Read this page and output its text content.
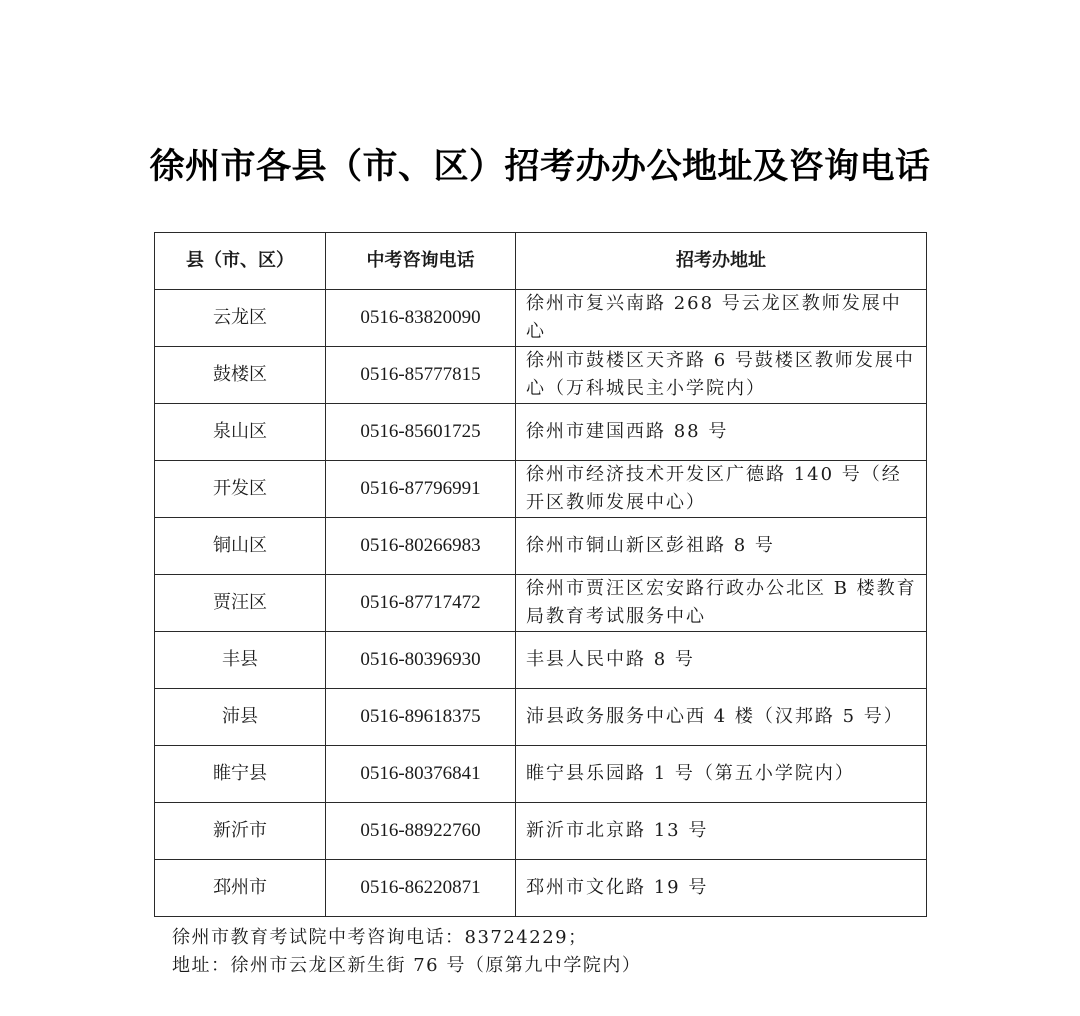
徐州市各县（市、区）招考办办公地址及咨询电话
县（市、区）	中考咨询电话	招考办地址
云龙区	0516-83820090	徐州市复兴南路 268 号云龙区教师发展中心
鼓楼区	0516-85777815	徐州市鼓楼区天齐路 6 号鼓楼区教师发展中心（万科城民主小学院内）
泉山区	0516-85601725	徐州市建国西路 88 号
开发区	0516-87796991	徐州市经济技术开发区广德路 140 号（经开区教师发展中心）
铜山区	0516-80266983	徐州市铜山新区彭祖路 8 号
贾汪区	0516-87717472	徐州市贾汪区宏安路行政办公北区 B 楼教育局教育考试服务中心
丰县	0516-80396930	丰县人民中路 8 号
沛县	0516-89618375	沛县政务服务中心西 4 楼（汉邦路 5 号）
睢宁县	0516-80376841	睢宁县乐园路 1 号（第五小学院内）
新沂市	0516-88922760	新沂市北京路 13 号
邳州市	0516-86220871	邳州市文化路 19 号
徐州市教育考试院中考咨询电话：83724229；
地址：徐州市云龙区新生街 76 号（原第九中学院内）
